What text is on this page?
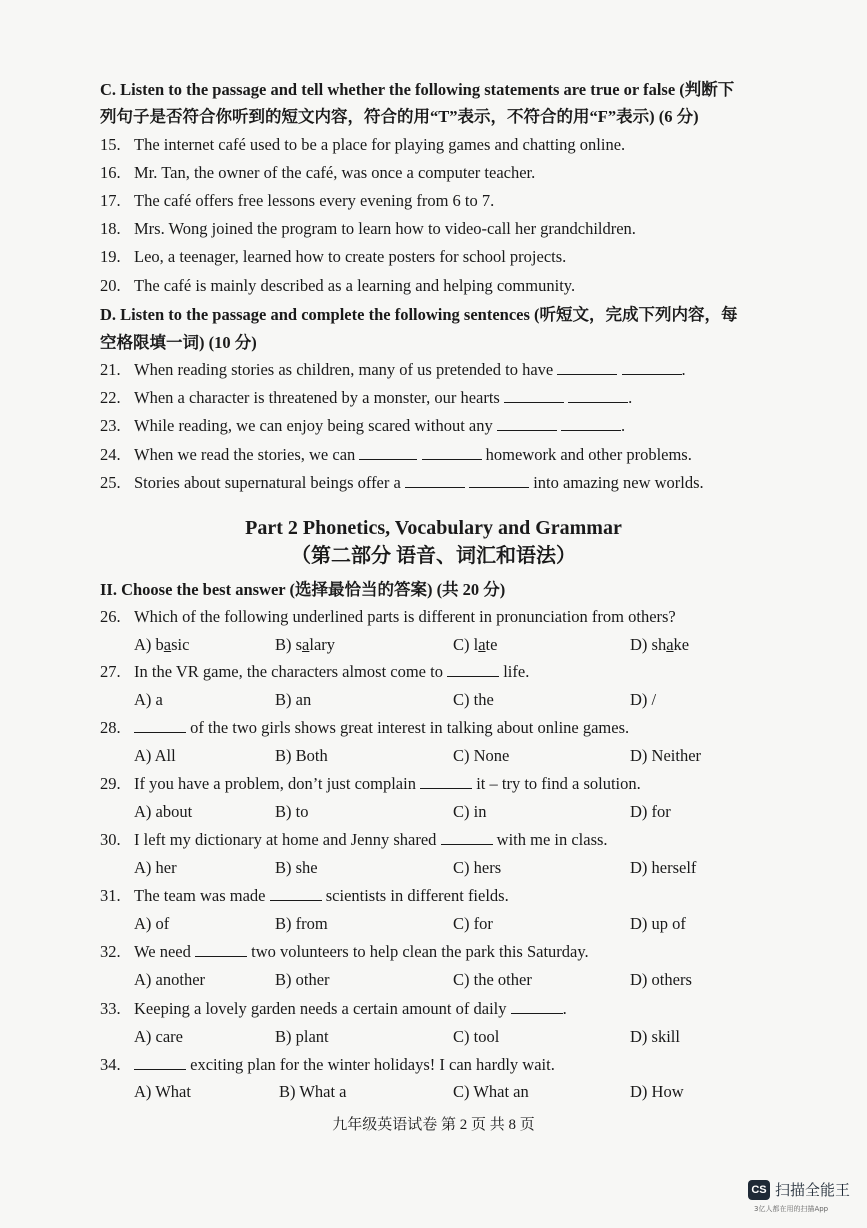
C. Listen to the passage and tell whether the following statements are true or false (判断下
列句子是否符合你听到的短文内容，符合的用“T”表示，不符合的用“F”表示) (6 分)
15. The internet café used to be a place for playing games and chatting online.
16. Mr. Tan, the owner of the café, was once a computer teacher.
17. The café offers free lessons every evening from 6 to 7.
18. Mrs. Wong joined the program to learn how to video-call her grandchildren.
19. Leo, a teenager, learned how to create posters for school projects.
20. The café is mainly described as a learning and helping community.
D. Listen to the passage and complete the following sentences (听短文，完成下列内容，每
空格限填一词) (10 分)
21. When reading stories as children, many of us pretended to have	.
22. When a character is threatened by a monster, our hearts	.
23. While reading, we can enjoy being scared without any	.
24. When we read the stories, we can	homework and other problems.
25. Stories about supernatural beings offer a	into amazing new worlds.
Part 2 Phonetics, Vocabulary and Grammar
（第二部分 语音、词汇和语法）
II. Choose the best answer (选择最恰当的答案) (共 20 分)
26. Which of the following underlined parts is different in pronunciation from others?
A) basic	B) salary	C) late	D) shake
27. In the VR game, the characters almost come to	life.
A) a	B) an	C) the	D) /
28.	of the two girls shows great interest in talking about online games.
A) All	B) Both	C) None	D) Neither
29. If you have a problem, don’t just complain	it – try to find a solution.
A) about	B) to	C) in	D) for
30. I left my dictionary at home and Jenny shared	with me in class.
A) her	B) she	C) hers	D) herself
31. The team was made	scientists in different fields.
A) of	B) from	C) for	D) up of
32. We need	two volunteers to help clean the park this Saturday.
A) another	B) other	C) the other	D) others
33. Keeping a lovely garden needs a certain amount of daily	.
A) care	B) plant	C) tool	D) skill
34.	exciting plan for the winter holidays! I can hardly wait.
A) What	B) What a	C) What an	D) How
九年级英语试卷 第 2 页 共 8 页
CS 扫描全能王
3亿人都在用的扫描App
